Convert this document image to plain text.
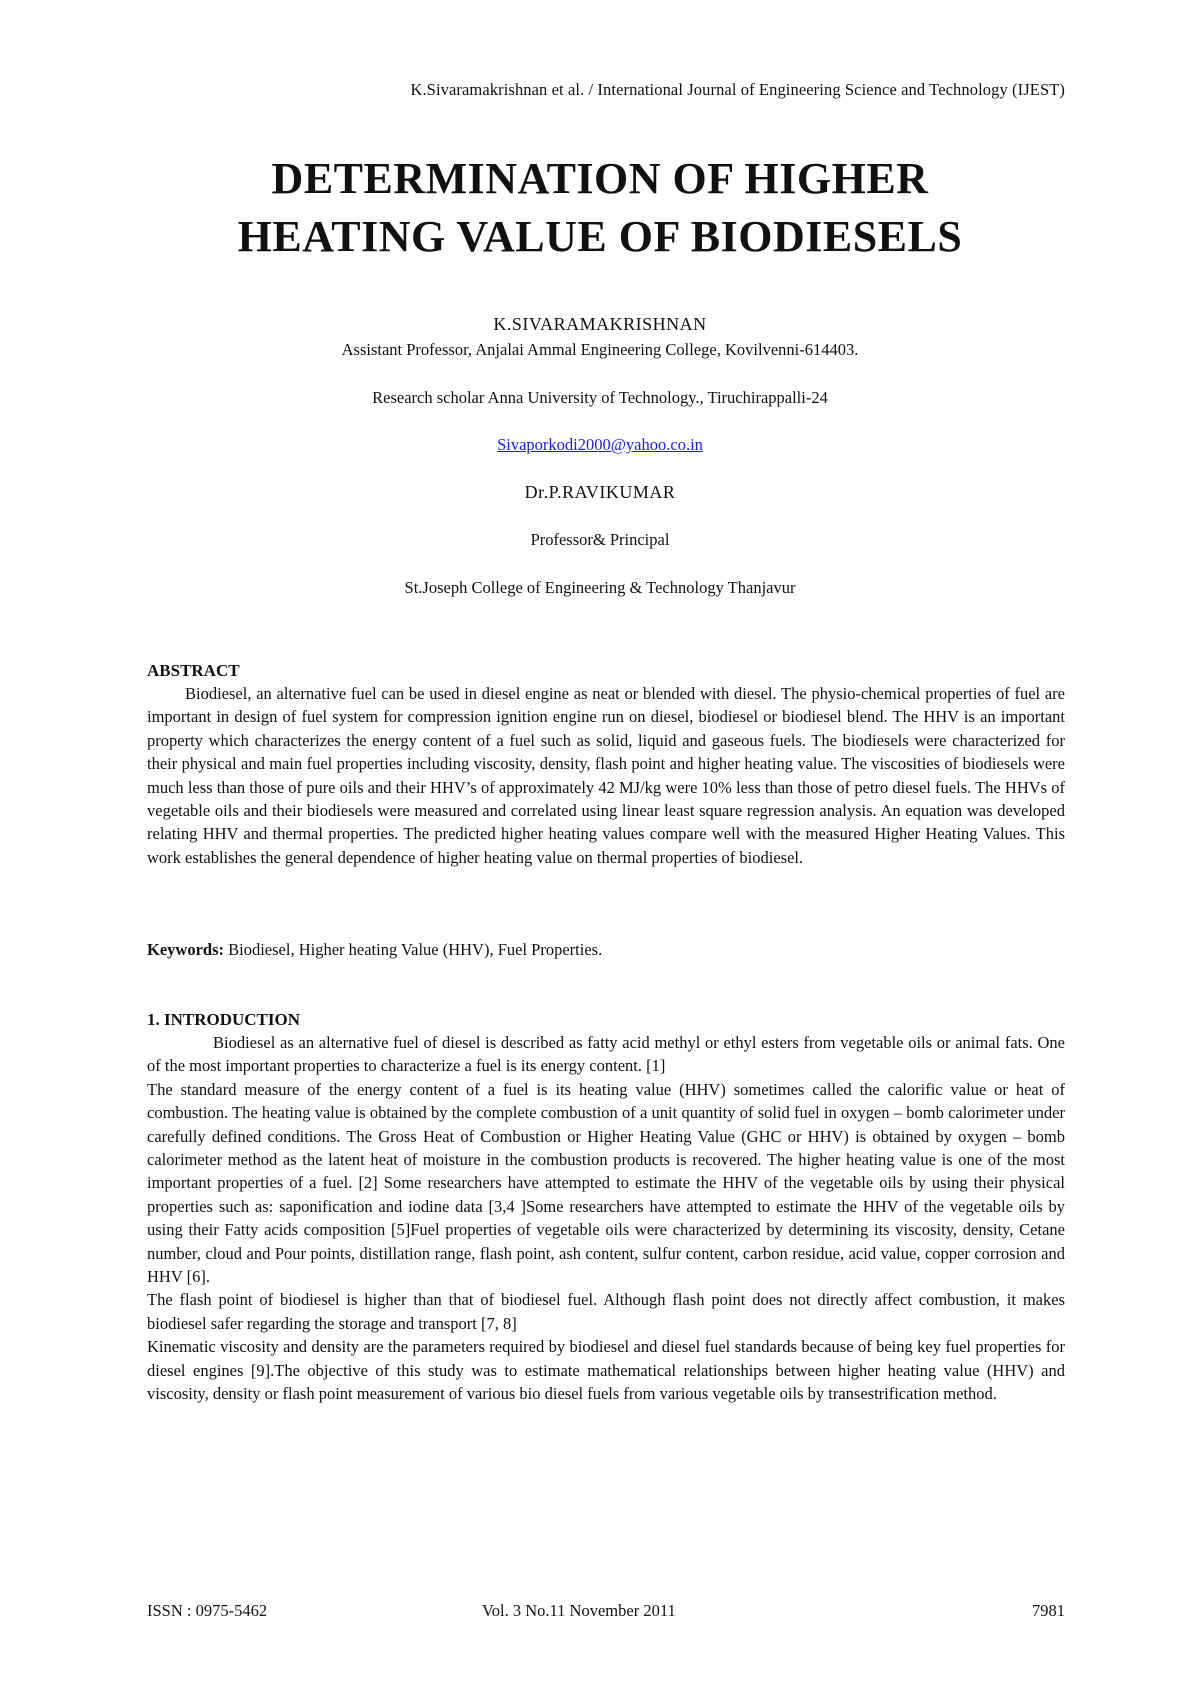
K.Sivaramakrishnan et al. / International Journal of Engineering Science and Technology (IJEST)
DETERMINATION OF HIGHER
HEATING VALUE OF BIODIESELS

K.SIVARAMAKRISHNAN

Assistant Professor, Anjalai Ammal Engineering College, Kovilvenni-614403.

Research scholar Anna University of Technology., Tiruchirappalli-24

Sivaporkodi2000@yahoo.co.in

Dr.P.RAVIKUMAR

Professor& Principal

St.Joseph College of Engineering & Technology Thanjavur

ABSTRACT

Biodiesel, an alternative fuel can be used in diesel engine as neat or blended with diesel. The physio-chemical properties of fuel are important in design of fuel system for compression ignition engine run on diesel, biodiesel or biodiesel blend. The HHV is an important property which characterizes the energy content of a fuel such as solid, liquid and gaseous fuels. The biodiesels were characterized for their physical and main fuel properties including viscosity, density, flash point and higher heating value. The viscosities of biodiesels were much less than those of pure oils and their HHV’s of approximately 42 MJ/kg were 10% less than those of petro diesel fuels. The HHVs of vegetable oils and their biodiesels were measured and correlated using linear least square regression analysis. An equation was developed relating HHV and thermal properties. The predicted higher heating values compare well with the measured Higher Heating Values. This work establishes the general dependence of higher heating value on thermal properties of biodiesel.

Keywords: Biodiesel, Higher heating Value (HHV), Fuel Properties.

1. INTRODUCTION

Biodiesel as an alternative fuel of diesel is described as fatty acid methyl or ethyl esters from vegetable oils or animal fats. One of the most important properties to characterize a fuel is its energy content. [1]

The standard measure of the energy content of a fuel is its heating value (HHV) sometimes called the calorific value or heat of combustion. The heating value is obtained by the complete combustion of a unit quantity of solid fuel in oxygen – bomb calorimeter under carefully defined conditions. The Gross Heat of Combustion or Higher Heating Value (GHC or HHV) is obtained by oxygen – bomb calorimeter method as the latent heat of moisture in the combustion products is recovered. The higher heating value is one of the most important properties of a fuel. [2] Some researchers have attempted to estimate the HHV of the vegetable oils by using their physical properties such as: saponification and iodine data [3,4 ]Some researchers have attempted to estimate the HHV of the vegetable oils by using their Fatty acids composition [5]Fuel properties of vegetable oils were characterized by determining its viscosity, density, Cetane number, cloud and Pour points, distillation range, flash point, ash content, sulfur content, carbon residue, acid value, copper corrosion and HHV [6].

The flash point of biodiesel is higher than that of biodiesel fuel. Although flash point does not directly affect combustion, it makes biodiesel safer regarding the storage and transport [7, 8]

Kinematic viscosity and density are the parameters required by biodiesel and diesel fuel standards because of being key fuel properties for diesel engines [9].The objective of this study was to estimate mathematical relationships between higher heating value (HHV) and viscosity, density or flash point measurement of various bio diesel fuels from various vegetable oils by transestrification method.

ISSN : 0975-5462	Vol. 3 No.11 November 2011	7981
